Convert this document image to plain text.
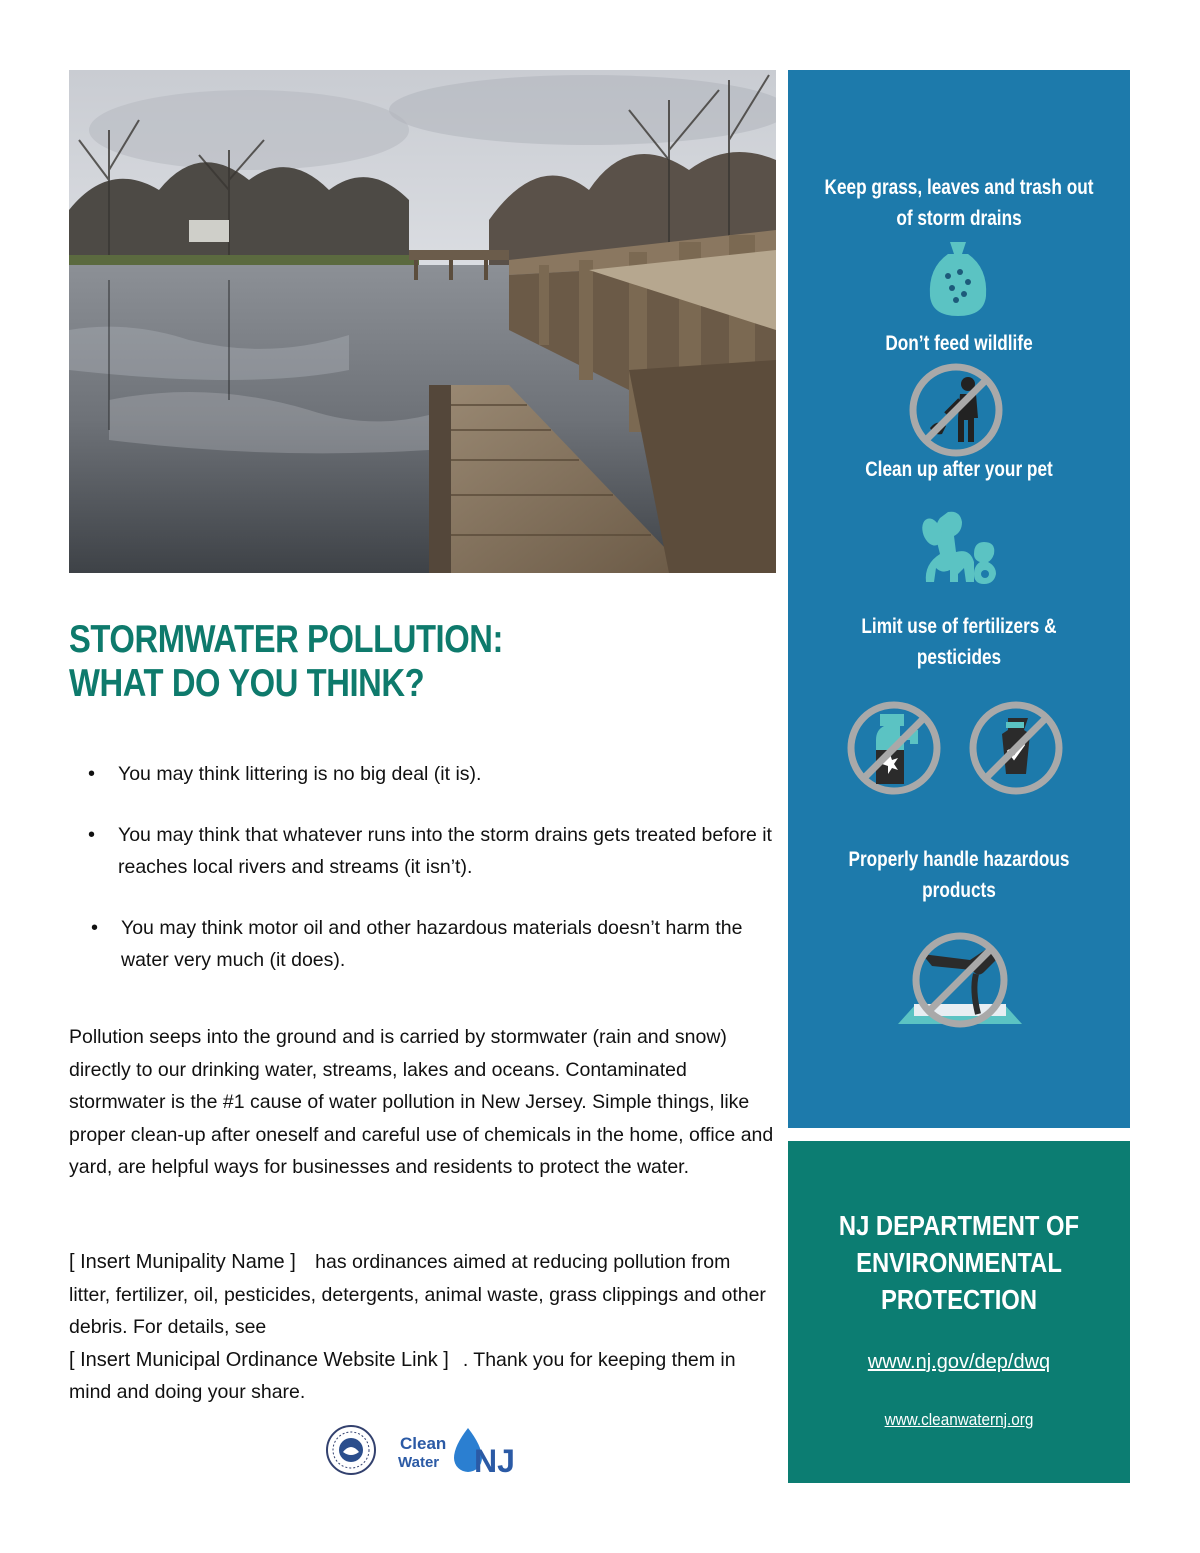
STORMWATER POLLUTION:
WHAT DO YOU THINK?
• You may think littering is no big deal (it is).
• You may think that whatever runs into the storm drains gets treated before it reaches local rivers and streams (it isn’t).
• You may think motor oil and other hazardous materials doesn’t harm the water very much (it does).

Pollution seeps into the ground and is carried by stormwater (rain and snow) directly to our drinking water, streams, lakes and oceans. Contaminated stormwater is the #1 cause of water pollution in New Jersey. Simple things, like proper clean-up after oneself and careful use of chemicals in the home, office and yard, are helpful ways for businesses and residents to protect the water.

[ Insert Munipality Name ] has ordinances aimed at reducing pollution from litter, fertilizer, oil, pesticides, detergents, animal waste, grass clippings and other debris. For details, see
[ Insert Municipal Ordinance Website Link ] . Thank you for keeping them in mind and doing your share.

Clean
Water NJ

Keep grass, leaves and trash out of storm drains

Don’t feed wildlife

Clean up after your pet

Limit use of fertilizers & pesticides

Properly handle hazardous products

NJ DEPARTMENT OF ENVIRONMENTAL PROTECTION

www.nj.gov/dep/dwq
www.cleanwaternj.org
